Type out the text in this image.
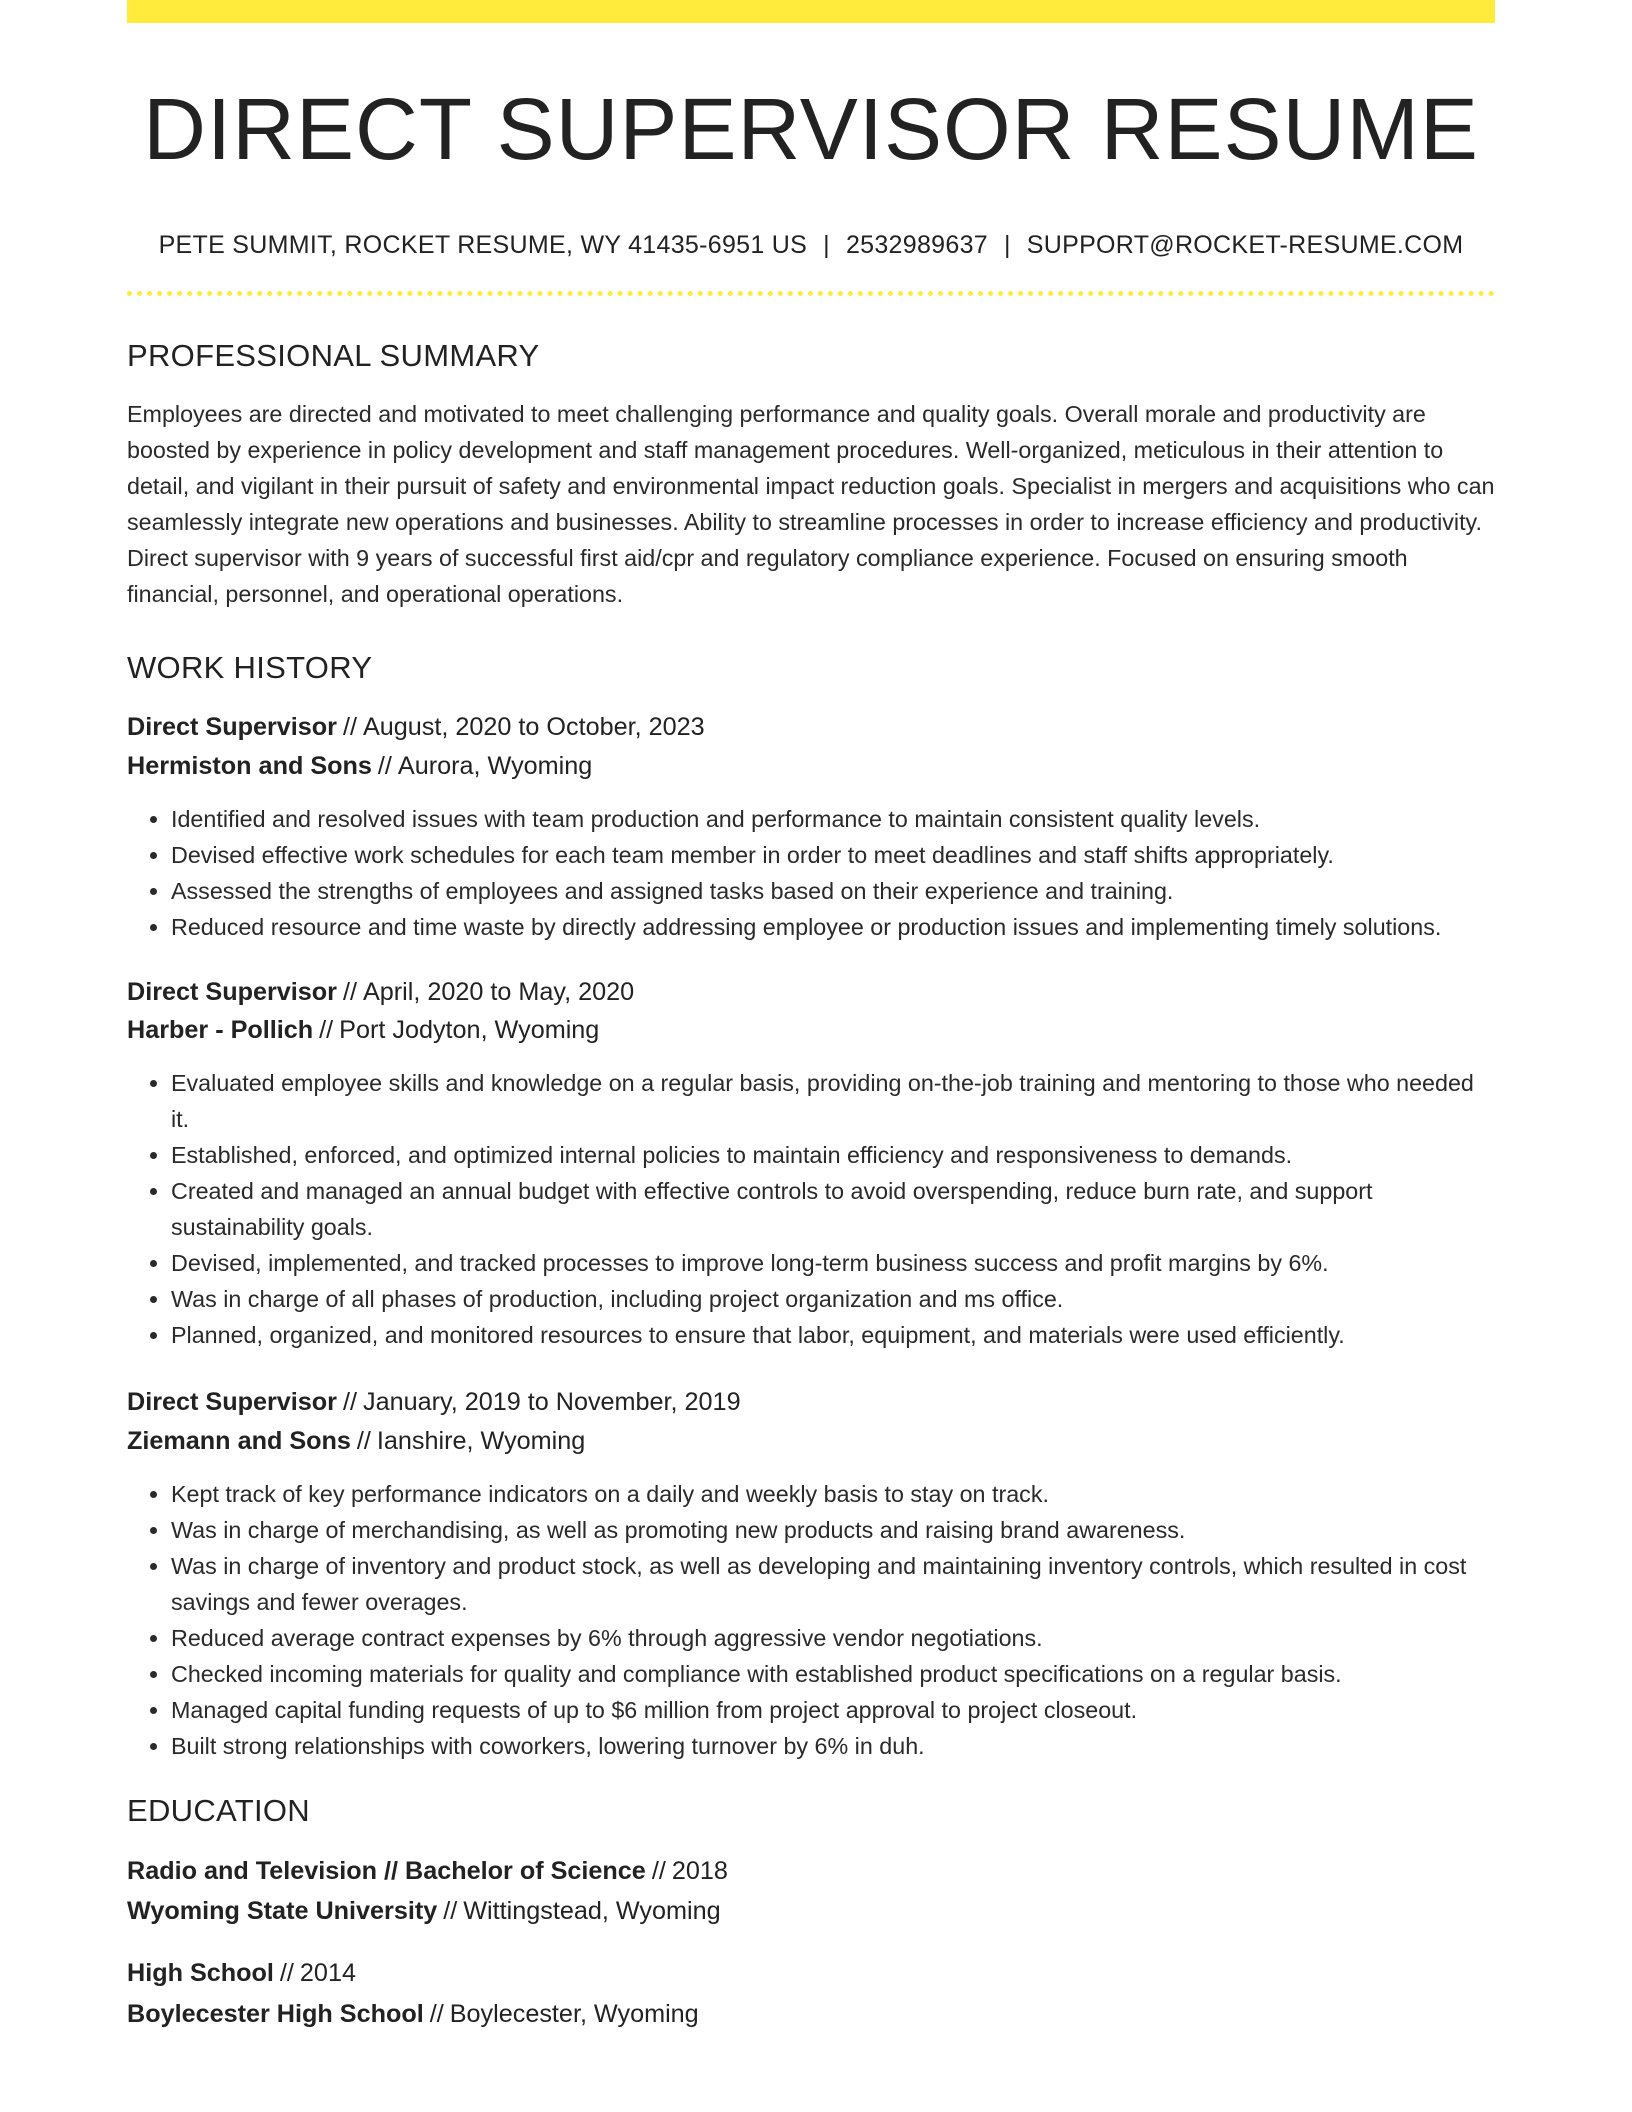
DIRECT SUPERVISOR RESUME
PETE SUMMIT, ROCKET RESUME, WY 41435-6951 US | 2532989637 | SUPPORT@ROCKET-RESUME.COM
PROFESSIONAL SUMMARY
Employees are directed and motivated to meet challenging performance and quality goals. Overall morale and productivity are boosted by experience in policy development and staff management procedures. Well-organized, meticulous in their attention to detail, and vigilant in their pursuit of safety and environmental impact reduction goals. Specialist in mergers and acquisitions who can seamlessly integrate new operations and businesses. Ability to streamline processes in order to increase efficiency and productivity. Direct supervisor with 9 years of successful first aid/cpr and regulatory compliance experience. Focused on ensuring smooth financial, personnel, and operational operations.
WORK HISTORY
Direct Supervisor // August, 2020 to October, 2023
Hermiston and Sons // Aurora, Wyoming
• Identified and resolved issues with team production and performance to maintain consistent quality levels.
• Devised effective work schedules for each team member in order to meet deadlines and staff shifts appropriately.
• Assessed the strengths of employees and assigned tasks based on their experience and training.
• Reduced resource and time waste by directly addressing employee or production issues and implementing timely solutions.
Direct Supervisor // April, 2020 to May, 2020
Harber - Pollich // Port Jodyton, Wyoming
• Evaluated employee skills and knowledge on a regular basis, providing on-the-job training and mentoring to those who needed it.
• Established, enforced, and optimized internal policies to maintain efficiency and responsiveness to demands.
• Created and managed an annual budget with effective controls to avoid overspending, reduce burn rate, and support sustainability goals.
• Devised, implemented, and tracked processes to improve long-term business success and profit margins by 6%.
• Was in charge of all phases of production, including project organization and ms office.
• Planned, organized, and monitored resources to ensure that labor, equipment, and materials were used efficiently.
Direct Supervisor // January, 2019 to November, 2019
Ziemann and Sons // Ianshire, Wyoming
• Kept track of key performance indicators on a daily and weekly basis to stay on track.
• Was in charge of merchandising, as well as promoting new products and raising brand awareness.
• Was in charge of inventory and product stock, as well as developing and maintaining inventory controls, which resulted in cost savings and fewer overages.
• Reduced average contract expenses by 6% through aggressive vendor negotiations.
• Checked incoming materials for quality and compliance with established product specifications on a regular basis.
• Managed capital funding requests of up to $6 million from project approval to project closeout.
• Built strong relationships with coworkers, lowering turnover by 6% in duh.
EDUCATION
Radio and Television // Bachelor of Science // 2018
Wyoming State University // Wittingstead, Wyoming
High School // 2014
Boylecester High School // Boylecester, Wyoming
